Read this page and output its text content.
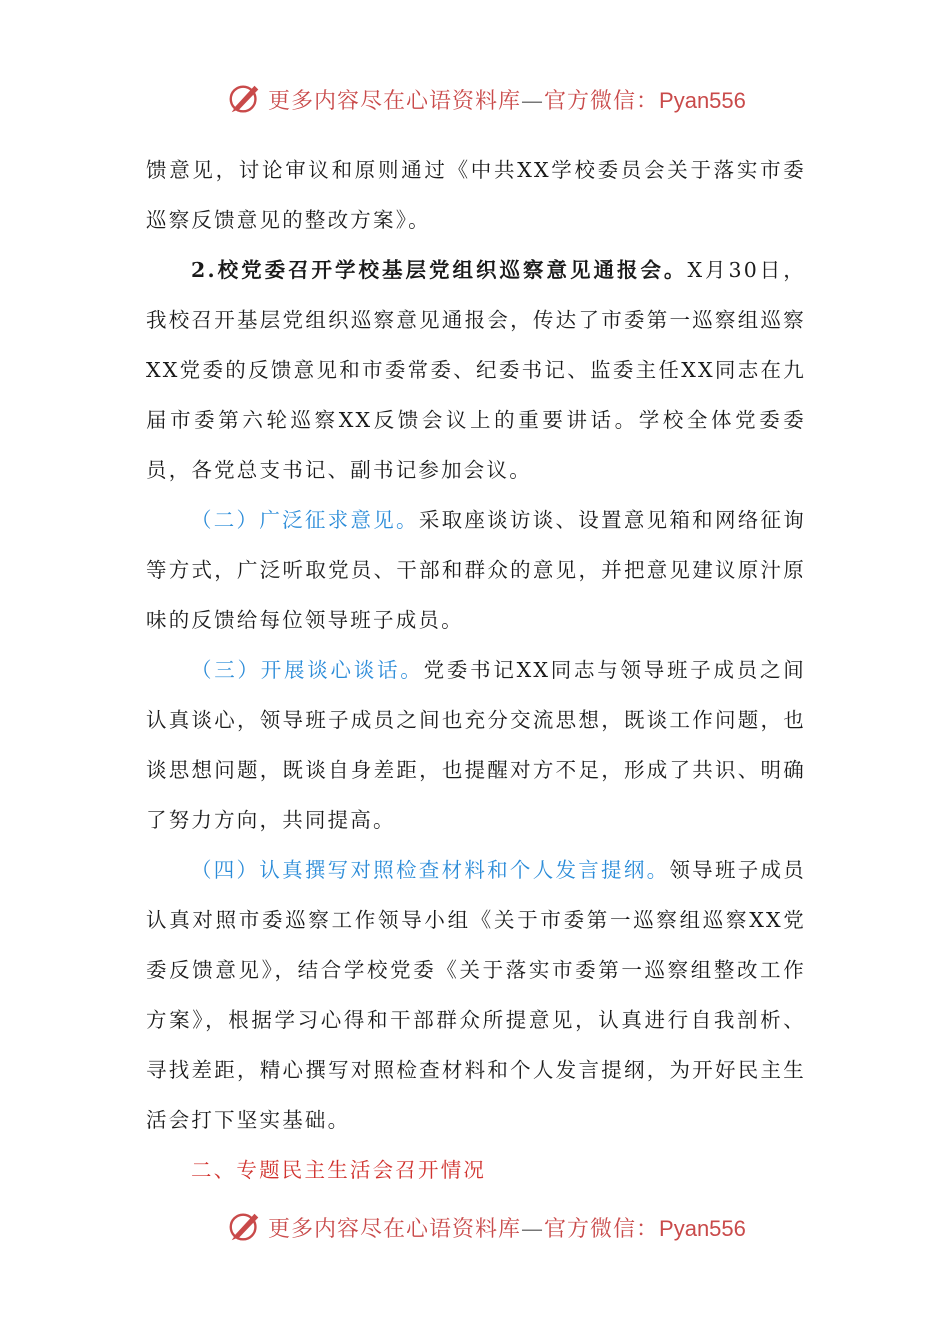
更多内容尽在心语资料库—官方微信：Pyan556

馈意见，讨论审议和原则通过《中共XX学校委员会关于落实市委巡察反馈意见的整改方案》。

2.校党委召开学校基层党组织巡察意见通报会。X月30日，我校召开基层党组织巡察意见通报会，传达了市委第一巡察组巡察XX党委的反馈意见和市委常委、纪委书记、监委主任XX同志在九届市委第六轮巡察XX反馈会议上的重要讲话。学校全体党委委员，各党总支书记、副书记参加会议。

（二）广泛征求意见。采取座谈访谈、设置意见箱和网络征询等方式，广泛听取党员、干部和群众的意见，并把意见建议原汁原味的反馈给每位领导班子成员。

（三）开展谈心谈话。党委书记XX同志与领导班子成员之间认真谈心，领导班子成员之间也充分交流思想，既谈工作问题，也谈思想问题，既谈自身差距，也提醒对方不足，形成了共识、明确了努力方向，共同提高。

（四）认真撰写对照检查材料和个人发言提纲。领导班子成员认真对照市委巡察工作领导小组《关于市委第一巡察组巡察XX党委反馈意见》，结合学校党委《关于落实市委第一巡察组整改工作方案》，根据学习心得和干部群众所提意见，认真进行自我剖析、寻找差距，精心撰写对照检查材料和个人发言提纲，为开好民主生活会打下坚实基础。

二、专题民主生活会召开情况

更多内容尽在心语资料库—官方微信：Pyan556
